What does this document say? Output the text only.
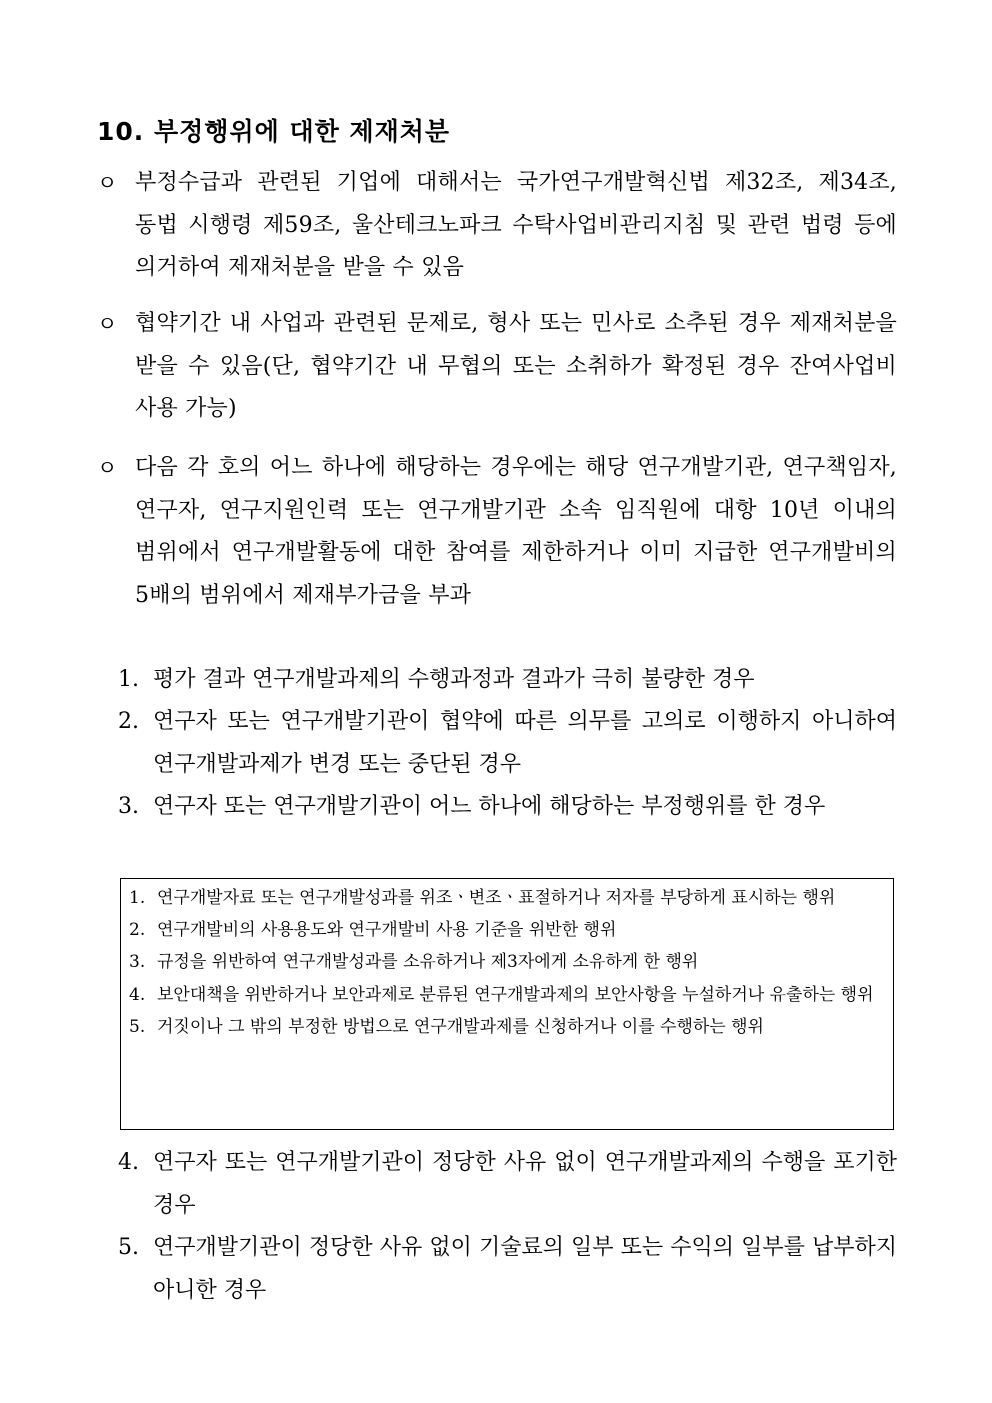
10. 부정행위에 대한 제재처분
ㅇ 부정수급과 관련된 기업에 대해서는 국가연구개발혁신법 제32조, 제34조, 동법 시행령 제59조, 울산테크노파크 수탁사업비관리지침 및 관련 법령 등에 의거하여 제재처분을 받을 수 있음
ㅇ 협약기간 내 사업과 관련된 문제로, 형사 또는 민사로 소추된 경우 제재처분을 받을 수 있음(단, 협약기간 내 무협의 또는 소취하가 확정된 경우 잔여사업비 사용 가능)
ㅇ 다음 각 호의 어느 하나에 해당하는 경우에는 해당 연구개발기관, 연구책임자, 연구자, 연구지원인력 또는 연구개발기관 소속 임직원에 대항 10년 이내의 범위에서 연구개발활동에 대한 참여를 제한하거나 이미 지급한 연구개발비의 5배의 범위에서 제재부가금을 부과
1. 평가 결과 연구개발과제의 수행과정과 결과가 극히 불량한 경우
2. 연구자 또는 연구개발기관이 협약에 따른 의무를 고의로 이행하지 아니하여 연구개발과제가 변경 또는 중단된 경우
3. 연구자 또는 연구개발기관이 어느 하나에 해당하는 부정행위를 한 경우
1. 연구개발자료 또는 연구개발성과를 위조ㆍ변조ㆍ표절하거나 저자를 부당하게 표시하는 행위
2. 연구개발비의 사용용도와 연구개발비 사용 기준을 위반한 행위
3. 규정을 위반하여 연구개발성과를 소유하거나 제3자에게 소유하게 한 행위
4. 보안대책을 위반하거나 보안과제로 분류된 연구개발과제의 보안사항을 누설하거나 유출하는 행위
5. 거짓이나 그 밖의 부정한 방법으로 연구개발과제를 신청하거나 이를 수행하는 행위
4. 연구자 또는 연구개발기관이 정당한 사유 없이 연구개발과제의 수행을 포기한 경우
5. 연구개발기관이 정당한 사유 없이 기술료의 일부 또는 수익의 일부를 납부하지 아니한 경우
